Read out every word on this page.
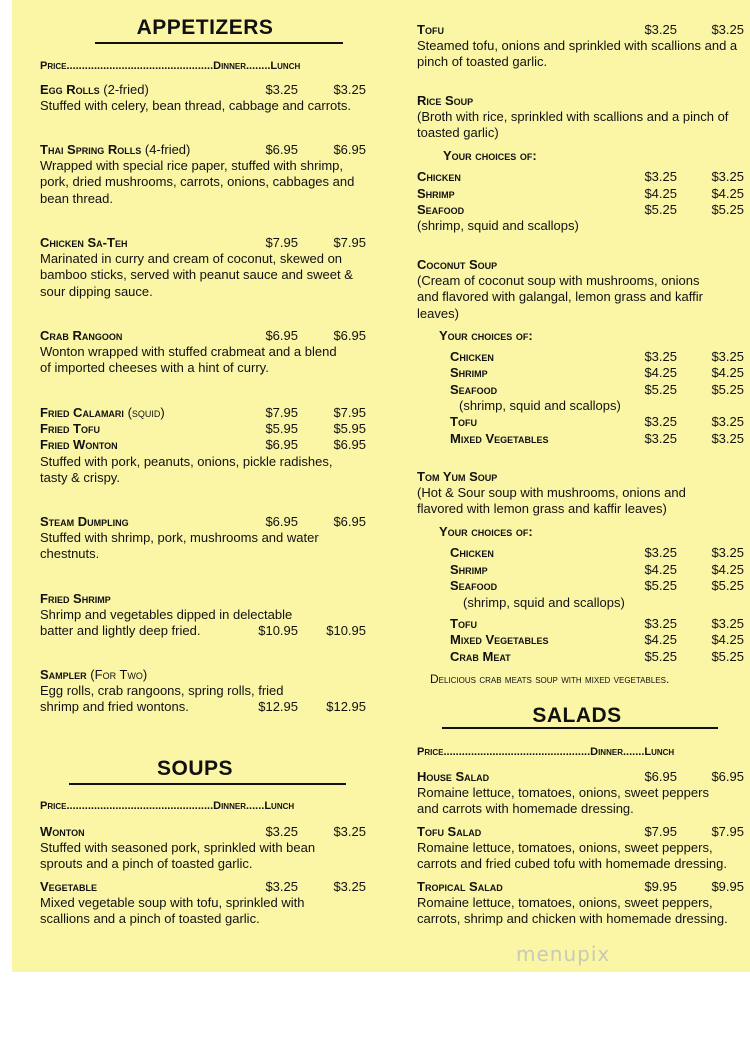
APPETIZERS
Price................................................Dinner........Lunch
Egg Rolls (2-fried)	$3.25	$3.25
Stuffed with celery, bean thread, cabbage and carrots.
Thai Spring Rolls (4-fried)	$6.95	$6.95
Wrapped with special rice paper, stuffed with shrimp, pork, dried mushrooms, carrots, onions, cabbages and bean thread.
Chicken Sa-Teh	$7.95	$7.95
Marinated in curry and cream of coconut, skewed on bamboo sticks, served with peanut sauce and sweet & sour dipping sauce.
Crab Rangoon	$6.95	$6.95
Wonton wrapped with stuffed crabmeat and a blend of imported cheeses with a hint of curry.
Fried Calamari (squid)	$7.95	$7.95
Fried Tofu	$5.95	$5.95
Fried Wonton	$6.95	$6.95
Stuffed with pork, peanuts, onions, pickle radishes, tasty & crispy.
Steam Dumpling	$6.95	$6.95
Stuffed with shrimp, pork, mushrooms and water chestnuts.
Fried Shrimp
Shrimp and vegetables dipped in delectable
batter and lightly deep fried.	$10.95	$10.95
Sampler (For Two)
Egg rolls, crab rangoons, spring rolls, fried
shrimp and fried wontons.	$12.95	$12.95
SOUPS
Price................................................Dinner......Lunch
Wonton	$3.25	$3.25
Stuffed with seasoned pork, sprinkled with bean sprouts and a pinch of toasted garlic.
Vegetable	$3.25	$3.25
Mixed vegetable soup with tofu, sprinkled with scallions and a pinch of toasted garlic.
Tofu	$3.25	$3.25
Steamed tofu, onions and sprinkled with scallions and a pinch of toasted garlic.
Rice Soup
(Broth with rice, sprinkled with scallions and a pinch of toasted garlic)
Your choices of:
Chicken	$3.25	$3.25
Shrimp	$4.25	$4.25
Seafood	$5.25	$5.25
(shrimp, squid and scallops)
Coconut Soup
(Cream of coconut soup with mushrooms, onions and flavored with galangal, lemon grass and kaffir leaves)
Your choices of:
Chicken	$3.25	$3.25
Shrimp	$4.25	$4.25
Seafood	$5.25	$5.25
(shrimp, squid and scallops)
Tofu	$3.25	$3.25
Mixed Vegetables	$3.25	$3.25
Tom Yum Soup
(Hot & Sour soup with mushrooms, onions and flavored with lemon grass and kaffir leaves)
Your choices of:
Chicken	$3.25	$3.25
Shrimp	$4.25	$4.25
Seafood	$5.25	$5.25
(shrimp, squid and scallops)
Tofu	$3.25	$3.25
Mixed Vegetables	$4.25	$4.25
Crab Meat	$5.25	$5.25
Delicious crab meats soup with mixed vegetables.
SALADS
Price................................................Dinner.......Lunch
House Salad	$6.95	$6.95
Romaine lettuce, tomatoes, onions, sweet peppers and carrots with homemade dressing.
Tofu Salad	$7.95	$7.95
Romaine lettuce, tomatoes, onions, sweet peppers, carrots and fried cubed tofu with homemade dressing.
Tropical Salad	$9.95	$9.95
Romaine lettuce, tomatoes, onions, sweet peppers, carrots, shrimp and chicken with homemade dressing.
menupix
